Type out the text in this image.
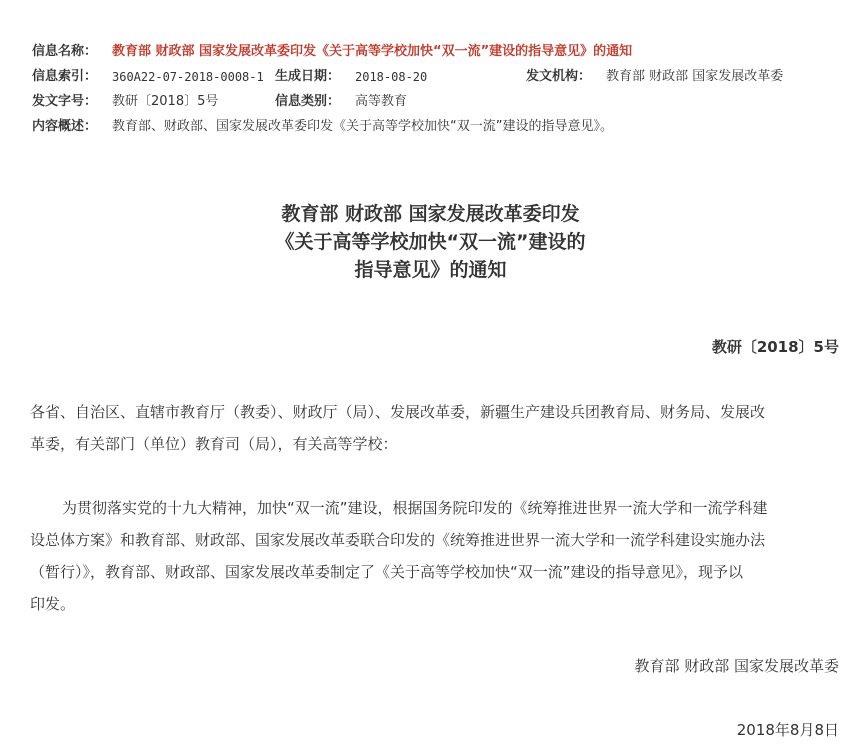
信息名称： 教育部 财政部 国家发展改革委印发《关于高等学校加快“双一流”建设的指导意见》的通知
信息索引： 360A22-07-2018-0008-1 生成日期： 2018-08-20	发文机构： 教育部 财政部 国家发展改革委
发文字号： 教研〔2018〕5号	信息类别： 高等教育
内容概述： 教育部、财政部、国家发展改革委印发《关于高等学校加快“双一流”建设的指导意见》。
教育部 财政部 国家发展改革委印发
《关于高等学校加快“双一流”建设的
指导意见》的通知
教研〔2018〕5号
各省、自治区、直辖市教育厅（教委）、财政厅（局）、发展改革委，新疆生产建设兵团教育局、财务局、发展改
革委，有关部门（单位）教育司（局），有关高等学校：
为贯彻落实党的十九大精神，加快“双一流”建设，根据国务院印发的《统筹推进世界一流大学和一流学科建
设总体方案》和教育部、财政部、国家发展改革委联合印发的《统筹推进世界一流大学和一流学科建设实施办法
（暂行）》，教育部、财政部、国家发展改革委制定了《关于高等学校加快“双一流”建设的指导意见》，现予以
印发。
教育部 财政部 国家发展改革委
2018年8月8日
